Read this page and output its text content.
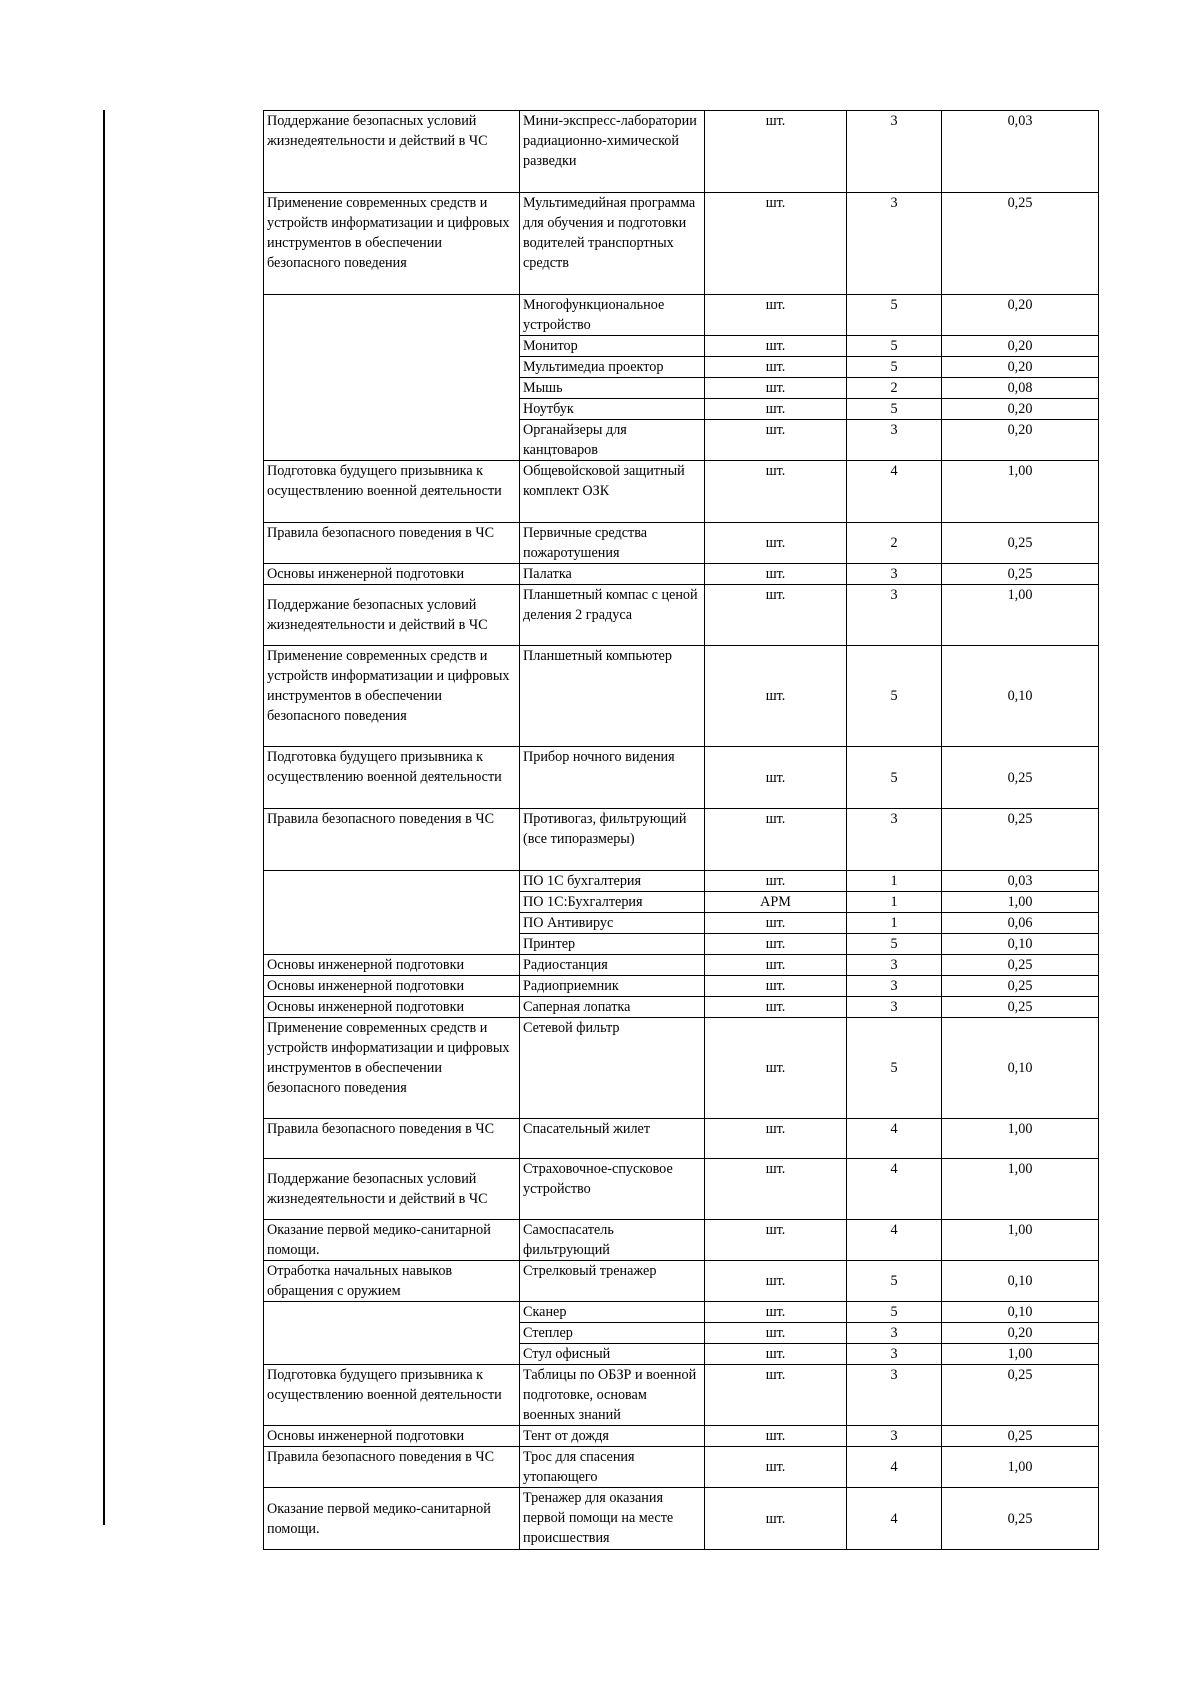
Поддержание безопасных условий жизнедеятельности и действий в ЧС	Мини-экспресс-лаборатории радиационно-химической разведки	шт.	3	0,03
Применение современных средств и устройств информатизации и цифровых инструментов в обеспечении безопасного поведения	Мультимедийная программа для обучения и подготовки водителей транспортных средств	шт.	3	0,25
	Многофункциональное устройство	шт.	5	0,20
	Монитор	шт.	5	0,20
	Мультимедиа проектор	шт.	5	0,20
	Мышь	шт.	2	0,08
	Ноутбук	шт.	5	0,20
	Органайзеры для канцтоваров	шт.	3	0,20
Подготовка будущего призывника к осуществлению военной деятельности	Общевойсковой защитный комплект ОЗК	шт.	4	1,00
Правила безопасного поведения в ЧС	Первичные средства пожаротушения	шт.	2	0,25
Основы инженерной подготовки	Палатка	шт.	3	0,25
Поддержание безопасных условий жизнедеятельности и действий в ЧС	Планшетный компас с ценой деления 2 градуса	шт.	3	1,00
Применение современных средств и устройств информатизации и цифровых инструментов в обеспечении безопасного поведения	Планшетный компьютер	шт.	5	0,10
Подготовка будущего призывника к осуществлению военной деятельности	Прибор ночного видения	шт.	5	0,25
Правила безопасного поведения в ЧС	Противогаз, фильтрующий (все типоразмеры)	шт.	3	0,25
	ПО 1С бухгалтерия	шт.	1	0,03
	ПО 1С:Бухгалтерия	АРМ	1	1,00
	ПО Антивирус	шт.	1	0,06
	Принтер	шт.	5	0,10
Основы инженерной подготовки	Радиостанция	шт.	3	0,25
Основы инженерной подготовки	Радиоприемник	шт.	3	0,25
Основы инженерной подготовки	Саперная лопатка	шт.	3	0,25
Применение современных средств и устройств информатизации и цифровых инструментов в обеспечении безопасного поведения	Сетевой фильтр	шт.	5	0,10
Правила безопасного поведения в ЧС	Спасательный жилет	шт.	4	1,00
Поддержание безопасных условий жизнедеятельности и действий в ЧС	Страховочное-спусковое устройство	шт.	4	1,00
Оказание первой медико-санитарной помощи.	Самоспасатель фильтрующий	шт.	4	1,00
Отработка начальных навыков обращения с оружием	Стрелковый тренажер	шт.	5	0,10
	Сканер	шт.	5	0,10
	Степлер	шт.	3	0,20
	Стул офисный	шт.	3	1,00
Подготовка будущего призывника к осуществлению военной деятельности	Таблицы по ОБЗР и военной подготовке, основам военных знаний	шт.	3	0,25
Основы инженерной подготовки	Тент от дождя	шт.	3	0,25
Правила безопасного поведения в ЧС	Трос для спасения утопающего	шт.	4	1,00
Оказание первой медико-санитарной помощи.	Тренажер для оказания первой помощи на месте происшествия	шт.	4	0,25
